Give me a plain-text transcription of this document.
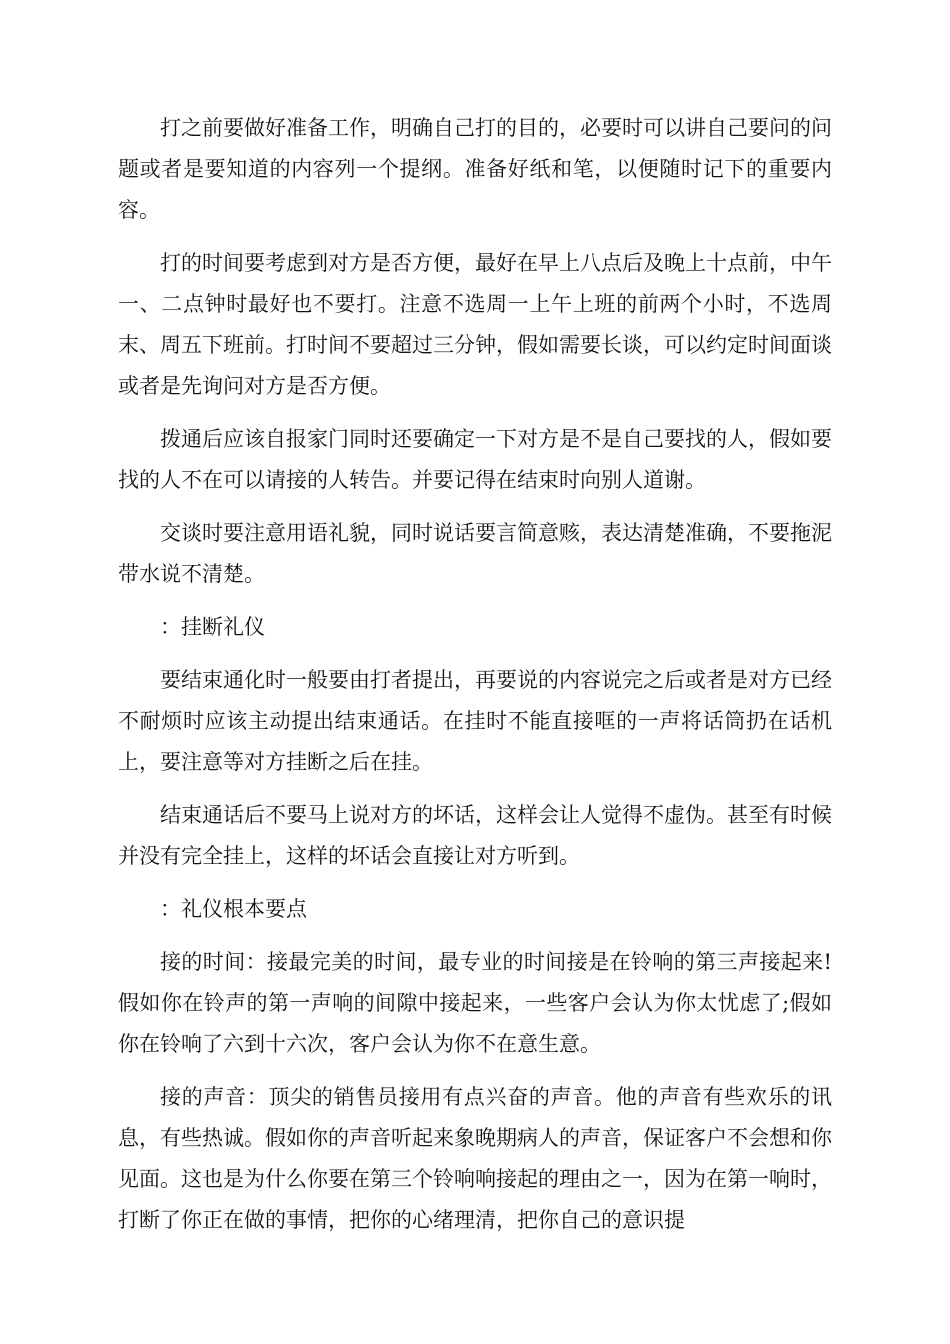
打之前要做好准备工作，明确自己打的目的，必要时可以讲自己要问的问题或者是要知道的内容列一个提纲。准备好纸和笔，以便随时记下的重要内容。

打的时间要考虑到对方是否方便，最好在早上八点后及晚上十点前，中午一、二点钟时最好也不要打。注意不选周一上午上班的前两个小时，不选周末、周五下班前。打时间不要超过三分钟，假如需要长谈，可以约定时间面谈或者是先询问对方是否方便。

拨通后应该自报家门同时还要确定一下对方是不是自己要找的人，假如要找的人不在可以请接的人转告。并要记得在结束时向别人道谢。

交谈时要注意用语礼貌，同时说话要言简意赅，表达清楚准确，不要拖泥带水说不清楚。

：挂断礼仪

要结束通化时一般要由打者提出，再要说的内容说完之后或者是对方已经不耐烦时应该主动提出结束通话。在挂时不能直接哐的一声将话筒扔在话机上，要注意等对方挂断之后在挂。

结束通话后不要马上说对方的坏话，这样会让人觉得不虚伪。甚至有时候并没有完全挂上，这样的坏话会直接让对方听到。

：礼仪根本要点

接的时间：接最完美的时间，最专业的时间接是在铃响的第三声接起来!假如你在铃声的第一声响的间隙中接起来，一些客户会认为你太忧虑了;假如你在铃响了六到十六次，客户会认为你不在意生意。

接的声音：顶尖的销售员接用有点兴奋的声音。他的声音有些欢乐的讯息，有些热诚。假如你的声音听起来象晚期病人的声音，保证客户不会想和你见面。这也是为什么你要在第三个铃响响接起的理由之一，因为在第一响时，打断了你正在做的事情，把你的心绪理清，把你自己的意识提
